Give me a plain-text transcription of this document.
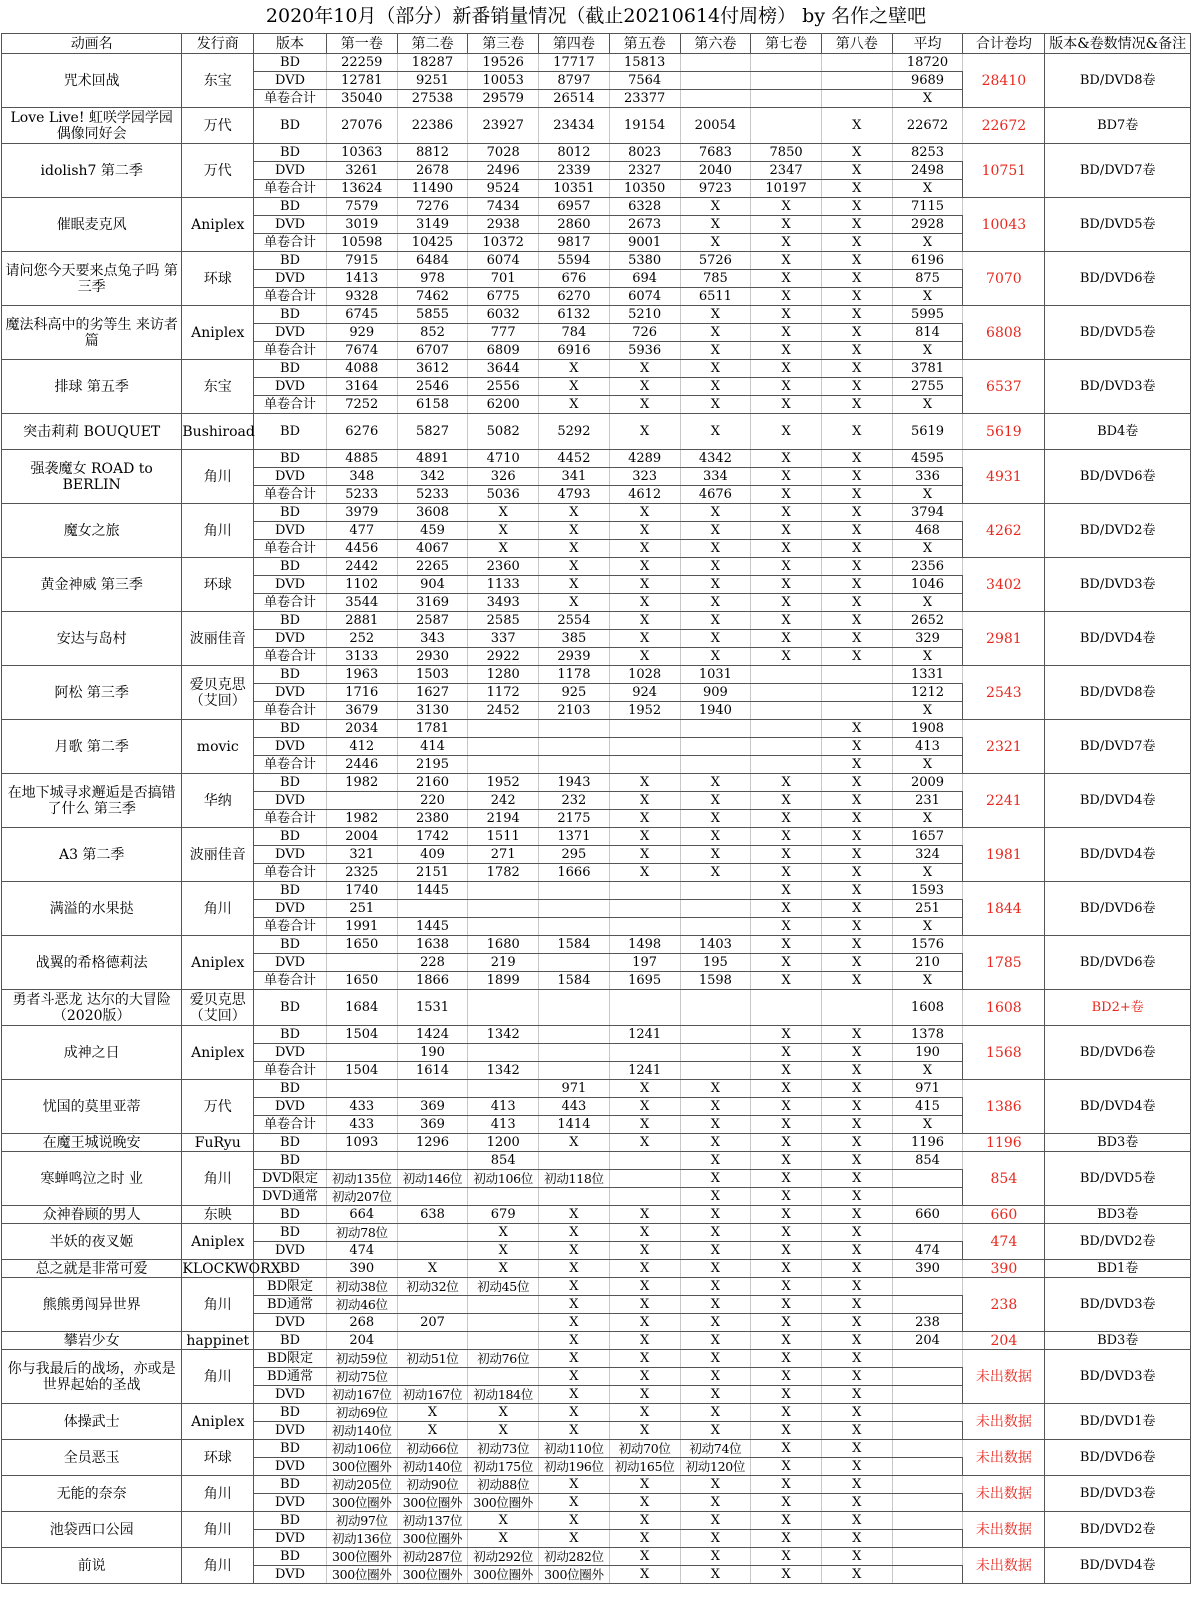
2020年10月（部分）新番销量情况（截止20210614付周榜） by 名作之壁吧
动画名	发行商	版本	第一卷	第二卷	第三卷	第四卷	第五卷	第六卷	第七卷	第八卷	平均	合计卷均	版本&卷数情况&备注
咒术回战	东宝	BD	22259	18287	19526	17717	15813				18720	28410	BD/DVD8卷
		DVD	12781	9251	10053	8797	7564				9689		
		单卷合计	35040	27538	29579	26514	23377				X		
Love Live! 虹咲学园学园偶像同好会	万代	BD	27076	22386	23927	23434	19154	20054		X	22672	22672	BD7卷
idolish7 第二季	万代	BD	10363	8812	7028	8012	8023	7683	7850	X	8253	10751	BD/DVD7卷
		DVD	3261	2678	2496	2339	2327	2040	2347	X	2498		
		单卷合计	13624	11490	9524	10351	10350	9723	10197	X	X		
催眠麦克风	Aniplex	BD	7579	7276	7434	6957	6328	X	X	X	7115	10043	BD/DVD5卷
		DVD	3019	3149	2938	2860	2673	X	X	X	2928		
		单卷合计	10598	10425	10372	9817	9001	X	X	X	X		
请问您今天要来点兔子吗 第三季	环球	BD	7915	6484	6074	5594	5380	5726	X	X	6196	7070	BD/DVD6卷
		DVD	1413	978	701	676	694	785	X	X	875		
		单卷合计	9328	7462	6775	6270	6074	6511	X	X	X		
魔法科高中的劣等生 来访者篇	Aniplex	BD	6745	5855	6032	6132	5210	X	X	X	5995	6808	BD/DVD5卷
		DVD	929	852	777	784	726	X	X	X	814		
		单卷合计	7674	6707	6809	6916	5936	X	X	X	X		
排球 第五季	东宝	BD	4088	3612	3644	X	X	X	X	X	3781	6537	BD/DVD3卷
		DVD	3164	2546	2556	X	X	X	X	X	2755		
		单卷合计	7252	6158	6200	X	X	X	X	X	X		
突击莉莉 BOUQUET	Bushiroad	BD	6276	5827	5082	5292	X	X	X	X	5619	5619	BD4卷
强袭魔女 ROAD to BERLIN	角川	BD	4885	4891	4710	4452	4289	4342	X	X	4595	4931	BD/DVD6卷
		DVD	348	342	326	341	323	334	X	X	336		
		单卷合计	5233	5233	5036	4793	4612	4676	X	X	X		
魔女之旅	角川	BD	3979	3608	X	X	X	X	X	X	3794	4262	BD/DVD2卷
		DVD	477	459	X	X	X	X	X	X	468		
		单卷合计	4456	4067	X	X	X	X	X	X	X		
黄金神威 第三季	环球	BD	2442	2265	2360	X	X	X	X	X	2356	3402	BD/DVD3卷
		DVD	1102	904	1133	X	X	X	X	X	1046		
		单卷合计	3544	3169	3493	X	X	X	X	X	X		
安达与岛村	波丽佳音	BD	2881	2587	2585	2554	X	X	X	X	2652	2981	BD/DVD4卷
		DVD	252	343	337	385	X	X	X	X	329		
		单卷合计	3133	2930	2922	2939	X	X	X	X	X		
阿松 第三季	爱贝克思（艾回）	BD	1963	1503	1280	1178	1028	1031			1331	2543	BD/DVD8卷
		DVD	1716	1627	1172	925	924	909			1212		
		单卷合计	3679	3130	2452	2103	1952	1940			X		
月歌 第二季	movic	BD	2034	1781						X	1908	2321	BD/DVD7卷
		DVD	412	414						X	413		
		单卷合计	2446	2195						X	X		
在地下城寻求邂逅是否搞错了什么 第三季	华纳	BD	1982	2160	1952	1943	X	X	X	X	2009	2241	BD/DVD4卷
		DVD		220	242	232	X	X	X	X	231		
		单卷合计	1982	2380	2194	2175	X	X	X	X	X		
A3 第二季	波丽佳音	BD	2004	1742	1511	1371	X	X	X	X	1657	1981	BD/DVD4卷
		DVD	321	409	271	295	X	X	X	X	324		
		单卷合计	2325	2151	1782	1666	X	X	X	X	X		
满溢的水果挞	角川	BD	1740	1445					X	X	1593	1844	BD/DVD6卷
		DVD	251						X	X	251		
		单卷合计	1991	1445					X	X	X		
战翼的希格德莉法	Aniplex	BD	1650	1638	1680	1584	1498	1403	X	X	1576	1785	BD/DVD6卷
		DVD		228	219		197	195	X	X	210		
		单卷合计	1650	1866	1899	1584	1695	1598	X	X	X		
勇者斗恶龙 达尔的大冒险（2020版）	爱贝克思（艾回）	BD	1684	1531							1608	1608	BD2+卷
成神之日	Aniplex	BD	1504	1424	1342		1241		X	X	1378	1568	BD/DVD6卷
		DVD		190					X	X	190		
		单卷合计	1504	1614	1342		1241		X	X	X		
忧国的莫里亚蒂	万代	BD				971	X	X	X	X	971	1386	BD/DVD4卷
		DVD	433	369	413	443	X	X	X	X	415		
		单卷合计	433	369	413	1414	X	X	X	X	X		
在魔王城说晚安	FuRyu	BD	1093	1296	1200	X	X	X	X	X	1196	1196	BD3卷
寒蝉鸣泣之时 业	角川	BD			854			X	X	X	854	854	BD/DVD5卷
		DVD限定	初动135位	初动146位	初动106位	初动118位		X	X	X			
		DVD通常	初动207位					X	X	X			
众神眷顾的男人	东映	BD	664	638	679	X	X	X	X	X	660	660	BD3卷
半妖的夜叉姬	Aniplex	BD	初动78位		X	X	X	X	X	X		474	BD/DVD2卷
		DVD	474		X	X	X	X	X	X	474		
总之就是非常可爱	KLOCKWORX	BD	390	X	X	X	X	X	X	X	390	390	BD1卷
熊熊勇闯异世界	角川	BD限定	初动38位	初动32位	初动45位	X	X	X	X	X		238	BD/DVD3卷
		BD通常	初动46位			X	X	X	X	X			
		DVD	268	207		X	X	X	X	X	238		
攀岩少女	happinet	BD	204			X	X	X	X	X	204	204	BD3卷
你与我最后的战场，亦或是世界起始的圣战	角川	BD限定	初动59位	初动51位	初动76位	X	X	X	X	X		未出数据	BD/DVD3卷
		BD通常	初动75位			X	X	X	X	X			
		DVD	初动167位	初动167位	初动184位	X	X	X	X	X			
体操武士	Aniplex	BD	初动69位	X	X	X	X	X	X	X		未出数据	BD/DVD1卷
		DVD	初动140位	X	X	X	X	X	X	X			
全员恶玉	环球	BD	初动106位	初动66位	初动73位	初动110位	初动70位	初动74位	X	X		未出数据	BD/DVD6卷
		DVD	300位圈外	初动140位	初动175位	初动196位	初动165位	初动120位	X	X			
无能的奈奈	角川	BD	初动205位	初动90位	初动88位	X	X	X	X	X		未出数据	BD/DVD3卷
		DVD	300位圈外	300位圈外	300位圈外	X	X	X	X	X			
池袋西口公园	角川	BD	初动97位	初动137位	X	X	X	X	X	X		未出数据	BD/DVD2卷
		DVD	初动136位	300位圈外	X	X	X	X	X	X			
前说	角川	BD	300位圈外	初动287位	初动292位	初动282位	X	X	X	X		未出数据	BD/DVD4卷
		DVD	300位圈外	300位圈外	300位圈外	300位圈外	X	X	X	X			
